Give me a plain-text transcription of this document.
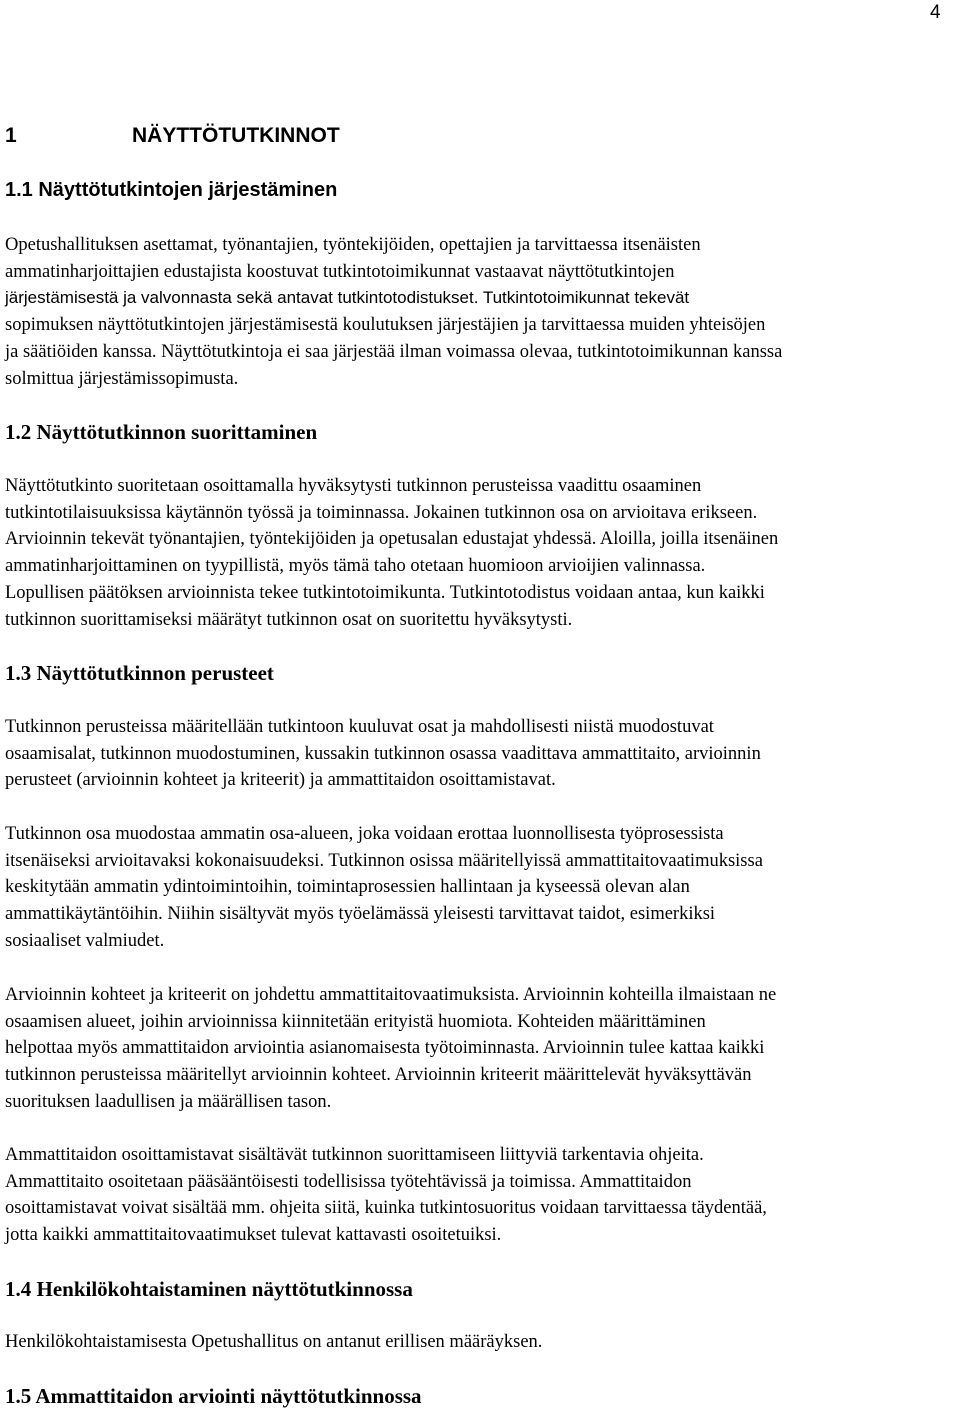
4
1	NÄYTTÖTUTKINNOT
1.1 Näyttötutkintojen järjestäminen

Opetushallituksen asettamat, työnantajien, työntekijöiden, opettajien ja tarvittaessa itsenäisten
ammatinharjoittajien edustajista koostuvat tutkintotoimikunnat vastaavat näyttötutkintojen
järjestämisestä ja valvonnasta sekä antavat tutkintotodistukset. Tutkintotoimikunnat tekevät
sopimuksen näyttötutkintojen järjestämisestä koulutuksen järjestäjien ja tarvittaessa muiden yhteisöjen
ja säätiöiden kanssa. Näyttötutkintoja ei saa järjestää ilman voimassa olevaa, tutkintotoimikunnan kanssa
solmittua järjestämissopimusta.

1.2 Näyttötutkinnon suorittaminen

Näyttötutkinto suoritetaan osoittamalla hyväksytysti tutkinnon perusteissa vaadittu osaaminen
tutkintotilaisuuksissa käytännön työssä ja toiminnassa. Jokainen tutkinnon osa on arvioitava erikseen.
Arvioinnin tekevät työnantajien, työntekijöiden ja opetusalan edustajat yhdessä. Aloilla, joilla itsenäinen
ammatinharjoittaminen on tyypillistä, myös tämä taho otetaan huomioon arvioijien valinnassa.
Lopullisen päätöksen arvioinnista tekee tutkintotoimikunta. Tutkintotodistus voidaan antaa, kun kaikki
tutkinnon suorittamiseksi määrätyt tutkinnon osat on suoritettu hyväksytysti.

1.3 Näyttötutkinnon perusteet

Tutkinnon perusteissa määritellään tutkintoon kuuluvat osat ja mahdollisesti niistä muodostuvat
osaamisalat, tutkinnon muodostuminen, kussakin tutkinnon osassa vaadittava ammattitaito, arvioinnin
perusteet (arvioinnin kohteet ja kriteerit) ja ammattitaidon osoittamistavat.

Tutkinnon osa muodostaa ammatin osa-alueen, joka voidaan erottaa luonnollisesta työprosessista
itsenäiseksi arvioitavaksi kokonaisuudeksi. Tutkinnon osissa määritellyissä ammattitaitovaatimuksissa
keskitytään ammatin ydintoimintoihin, toimintaprosessien hallintaan ja kyseessä olevan alan
ammattikäytäntöihin. Niihin sisältyvät myös työelämässä yleisesti tarvittavat taidot, esimerkiksi
sosiaaliset valmiudet.

Arvioinnin kohteet ja kriteerit on johdettu ammattitaitovaatimuksista. Arvioinnin kohteilla ilmaistaan ne
osaamisen alueet, joihin arvioinnissa kiinnitetään erityistä huomiota. Kohteiden määrittäminen
helpottaa myös ammattitaidon arviointia asianomaisesta työtoiminnasta. Arvioinnin tulee kattaa kaikki
tutkinnon perusteissa määritellyt arvioinnin kohteet. Arvioinnin kriteerit määrittelevät hyväksyttävän
suorituksen laadullisen ja määrällisen tason.

Ammattitaidon osoittamistavat sisältävät tutkinnon suorittamiseen liittyviä tarkentavia ohjeita.
Ammattitaito osoitetaan pääsääntöisesti todellisissa työtehtävissä ja toimissa. Ammattitaidon
osoittamistavat voivat sisältää mm. ohjeita siitä, kuinka tutkintosuoritus voidaan tarvittaessa täydentää,
jotta kaikki ammattitaitovaatimukset tulevat kattavasti osoitetuiksi.

1.4 Henkilökohtaistaminen näyttötutkinnossa

Henkilökohtaistamisesta Opetushallitus on antanut erillisen määräyksen.

1.5 Ammattitaidon arviointi näyttötutkinnossa
